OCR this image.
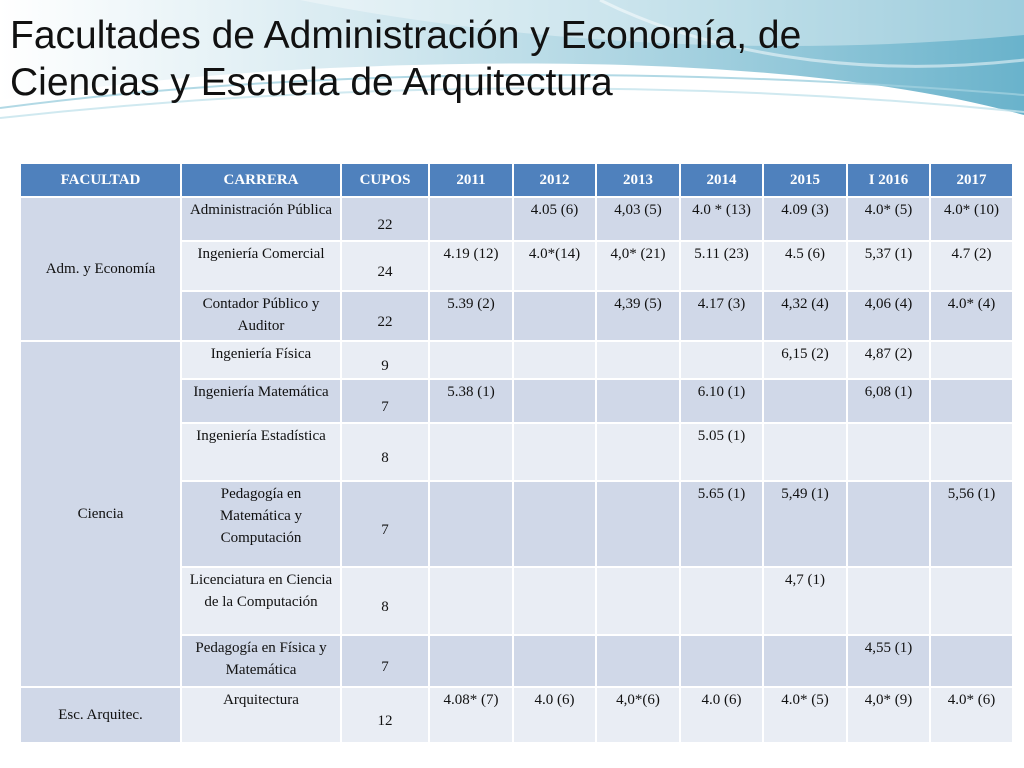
Facultades de Administración y Economía, de
Ciencias y Escuela de Arquitectura
FACULTAD	CARRERA	CUPOS	2011	2012	2013	2014	2015	I 2016	2017
Adm. y Economía	Administración Pública	22		4.05 (6)	4,03 (5)	4.0 * (13)	4.09 (3)	4.0* (5)	4.0* (10)
	Ingeniería Comercial	24	4.19 (12)	4.0*(14)	4,0* (21)	5.11 (23)	4.5 (6)	5,37 (1)	4.7 (2)
	Contador Público y Auditor	22	5.39 (2)		4,39 (5)	4.17 (3)	4,32 (4)	4,06 (4)	4.0* (4)
Ciencia	Ingeniería Física	9					6,15 (2)	4,87 (2)	
	Ingeniería Matemática	7	5.38 (1)			6.10 (1)		6,08 (1)	
	Ingeniería Estadística	8				5.05 (1)			
	Pedagogía en Matemática y Computación	7				5.65 (1)	5,49 (1)		5,56 (1)
	Licenciatura en Ciencia de la Computación	8					4,7 (1)		
	Pedagogía en Física y Matemática	7						4,55 (1)	
Esc. Arquitec.	Arquitectura	12	4.08* (7)	4.0 (6)	4,0*(6)	4.0 (6)	4.0* (5)	4,0* (9)	4.0* (6)
